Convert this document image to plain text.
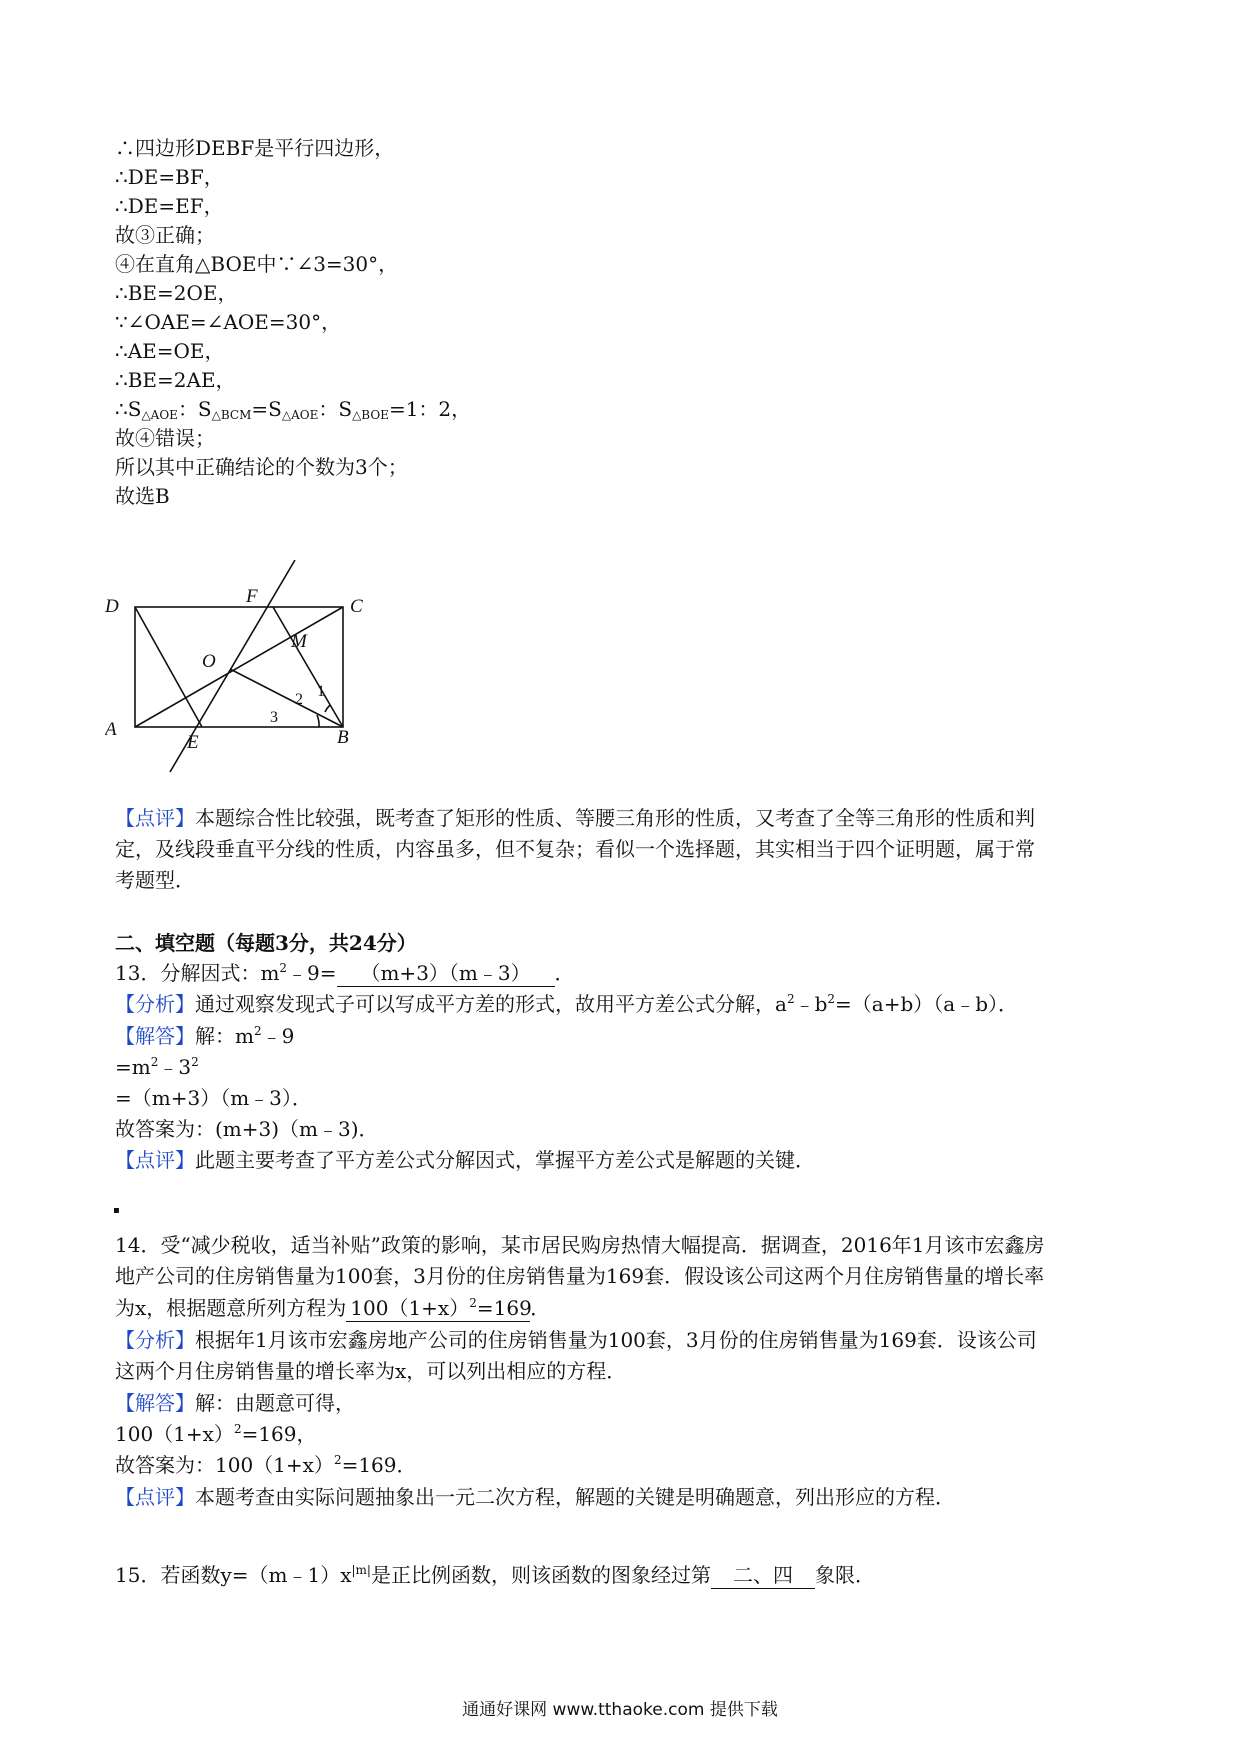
∴四边形DEBF是平行四边形，
∴DE=BF，
∴DE=EF，
故③正确；
④在直角△BOE中∵∠3=30°，
∴BE=2OE，
∵∠OAE=∠AOE=30°，
∴AE=OE，
∴BE=2AE，
$\therefore S_{\triangle AOE}$：$S_{\triangle BCM}=S_{\triangle AOE}$：$S_{\triangle BOE}=1$：2，
故④错误；
所以其中正确结论的个数为3个；
故选B
D	F	C
M
O
A
E	B
1
2
3
【点评】本题综合性比较强，既考查了矩形的性质、等腰三角形的性质，又考查了全等三角形的性质和判
定，及线段垂直平分线的性质，内容虽多，但不复杂；看似一个选择题，其实相当于四个证明题，属于常
考题型．
二、填空题（每题3分，共24分）
13．分解因式：$m^2﹣9=$ （m+3）（m﹣3） ．
【分析】通过观察发现式子可以写成平方差的形式，故用平方差公式分解，$a^2﹣b^2=(a+b)(a﹣b)$．
【解答】解：$m^2﹣9$
$=m^2﹣3^2$
=（m+3）（m﹣3）．
故答案为：(m+3)（m﹣3)．
【点评】此题主要考查了平方差公式分解因式，掌握平方差公式是解题的关键．
▪
14．受“减少税收，适当补贴”政策的影响，某市居民购房热情大幅提高．据调查，2016年1月该市宏鑫房
地产公司的住房销售量为100套，3月份的住房销售量为169套．假设该公司这两个月住房销售量的增长率
为x，根据题意所列方程为 $100(1+x)^2=169$．
【分析】根据年1月该市宏鑫房地产公司的住房销售量为100套，3月份的住房销售量为169套．设该公司
这两个月住房销售量的增长率为x，可以列出相应的方程．
【解答】解：由题意可得，
$100(1+x)^2=169$，
故答案为：$100(1+x)^2=169$．
【点评】本题考查由实际问题抽象出一元二次方程，解题的关键是明确题意，列出形应的方程．
15．若函数$y=(m﹣1)x^{|m|}$是正比例函数，则该函数的图象经过第 二、四 象限．
通通好课网 www.tthaoke.com 提供下载
